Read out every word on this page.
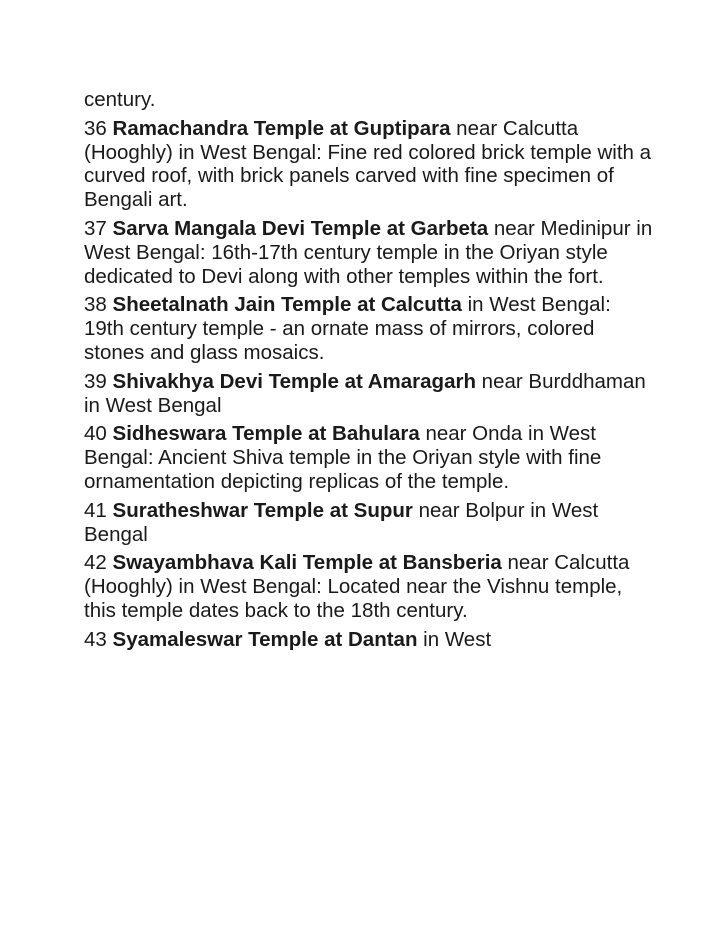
century.

36 Ramachandra Temple at Guptipara near Calcutta (Hooghly) in West Bengal: Fine red colored brick temple with a curved roof, with brick panels carved with fine specimen of Bengali art.

37 Sarva Mangala Devi Temple at Garbeta near Medinipur in West Bengal: 16th-17th century temple in the Oriyan style dedicated to Devi along with other temples within the fort.

38 Sheetalnath Jain Temple at Calcutta in West Bengal: 19th century temple - an ornate mass of mirrors, colored stones and glass mosaics.

39 Shivakhya Devi Temple at Amaragarh near Burddhaman in West Bengal

40 Sidheswara Temple at Bahulara near Onda in West Bengal: Ancient Shiva temple in the Oriyan style with fine ornamentation depicting replicas of the temple.

41 Suratheshwar Temple at Supur near Bolpur in West Bengal

42 Swayambhava Kali Temple at Bansberia near Calcutta (Hooghly) in West Bengal: Located near the Vishnu temple, this temple dates back to the 18th century.

43 Syamaleswar Temple at Dantan in West
